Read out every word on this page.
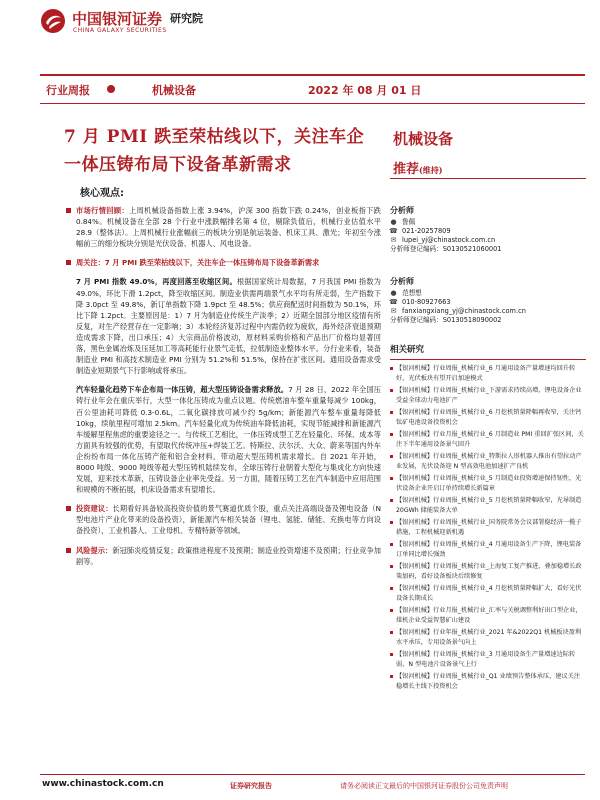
中国银河证券
CHINA GALAXY SECURITIES
研究院
行业周报	机械设备	2022 年 08 月 01 日
7 月 PMI 跌至荣枯线以下，关注车企
一体压铸布局下设备革新需求
机械设备
推荐(维持)
核心观点:

市场行情回顾：上周机械设备指数上涨 3.94%，沪深 300 指数下跌 0.24%，创业板指下跌 0.84%。机械设备在全部 28 个行业中涨跌幅排名第 4 位，剔除负值后，机械行业估值水平 28.9（整体法）。上周机械行业涨幅前三的板块分别是航运装备、机床工具、激光；年初至今涨幅前三的细分板块分别是光伏设备、机器人、风电设备。

周关注：7 月 PMI 跌至荣枯线以下，关注车企一体压铸布局下设备革新需求

7 月 PMI 指数 49.0%，再度回落至收缩区间。根据国家统计局数据，7 月我国 PMI 指数为 49.0%，环比下滑 1.2pct，降至收缩区间。制造业供需两端景气水平均有所走弱，生产指数下降 3.0pct 至 49.8%，新订单指数下降 1.9pct 至 48.5%；供应商配送时间指数为 50.1%，环比下降 1.2pct。主要原因是：1）7 月为制造业传统生产淡季；2）近期全国部分地区疫情有所反复，对生产经营存在一定影响；3）本轮经济复苏过程中内需仍较为疲软，海外经济衰退预期造成需求下降，出口承压；4）大宗商品价格波动，原材料采购价格和产品出厂价格均显著回落，黑色金属冶炼及压延加工等高耗能行业景气走低，拉低制造业整体水平。分行业来看，装备制造业 PMI 和高技术制造业 PMI 分别为 51.2%和 51.5%，保持在扩张区间。通用设备需求受制造业短期景气下行影响或将承压。

汽车轻量化趋势下车企布局一体压铸，超大型压铸设备需求释放。7 月 28 日，2022 年全国压铸行业年会在重庆举行，大型一体化压铸成为重点议题。传统燃油车整车重量每减少 100kg，百公里油耗可降低 0.3-0.6L，二氧化碳排放可减少约 5g/km；新能源汽车整车重量每降低 10kg，续航里程可增加 2.5km。汽车轻量化成为传统油车降低油耗，实现节能减排和新能源汽车缓解里程焦虑的重要途径之一。与传统工艺相比，一体压铸成型工艺在轻量化、环保、成本等方面具有较强的优势，有望取代传统冲压+焊装工艺。特斯拉、沃尔沃、大众、蔚来等国内外车企纷纷布局一体化压铸产能和铝合金材料，带动超大型压铸机需求增长。自 2021 年开始，8000 吨级、9000 吨级等超大型压铸机陆续发布，全球压铸行业朝着大型化与集成化方向快速发展，迎来技术革新，压铸设备企业率先受益。另一方面，随着压铸工艺在汽车制造中应用范围和规模的不断拓展，机床设备需求有望增长。

投资建议：长期看好具备较高投资价值的景气赛道优质个股，重点关注高端设备及锂电设备（N 型电池片产业化带来的设备投资），新能源汽车相关装备（锂电、氢能、储能、充换电等方向设备投资），工业机器人、工业母机、专精特新等领域。

风险提示：新冠肺炎疫情反复；政策推进程度不及预期；制造业投资增速不及预期；行业竞争加剧等。

分析师
● 鲁佩
☎ 021-20257809
✉ lupei_yj@chinastock.com.cn
分析师登记编码：S0130521060001
分析师
● 范想想
☎ 010-80927663
✉ fanxiangxiang_yj@chinastock.com.cn
分析师登记编码：S0130518090002
相关研究
【银河机械】行业周报_机械行业_6 月通用设备产量增速均回升转好，光伏板块有望开启加速模式
【银河机械】行业周报_机械行业_下游需求持续高增，锂电设备企业受益全球动力电池扩产
【银河机械】行业周报_机械行业_6 月挖机销量降幅再收窄，关注钙钛矿电池设备投资机会
【银河机械】行业月报_机械行业_6 月制造业 PMI 重回扩张区间，关注下半年通用设备景气回升
【银河机械】行业周报_机械行业_特斯拉人形机器人推出有望拉动产业发展，光伏设备迎 N 型高效电池加速扩产良机
【银河机械】行业周报_机械行业_5 月制造业投资增速保持韧性，光伏设备企业开启订单持续增长新篇章
【银河机械】行业周报_机械行业_5 月挖机销量降幅收窄，光导制造 20GWh 储能装备大单
【银河机械】行业周报_机械行业_国务院常务会议部署稳经济一揽子措施，工程机械迎新机遇
【银河机械】行业周报_机械行业_4 月通用设备生产下降，锂电装备订单同比增长强劲
【银河机械】行业周报_机械行业_上海复工复产推进，叠加稳增长政策加码，看好设备板块后续修复
【银河机械】行业周报_机械行业_4 月挖机销量降幅扩大，看好光伏设备长期成长
【银河机械】行业月报_机械行业_汇率与关税调整利好出口型企业，煤机企业受益智慧矿山建设
【银河机械】行业年报_机械行业_2021 年&2022Q1 机械板块盈利水平承压，专用设备景气向上
【银河机械】行业周报_机械行业_3 月通用设备生产量增速边际转弱，N 型电池片设备景气上行
【银河机械】行业周报_机械行业_Q1 业绩预告整体承压，建议关注稳增长主线下投资机会
www.chinastock.com.cn	证券研究报告	请务必阅读正文最后的中国银河证券股份公司免责声明
